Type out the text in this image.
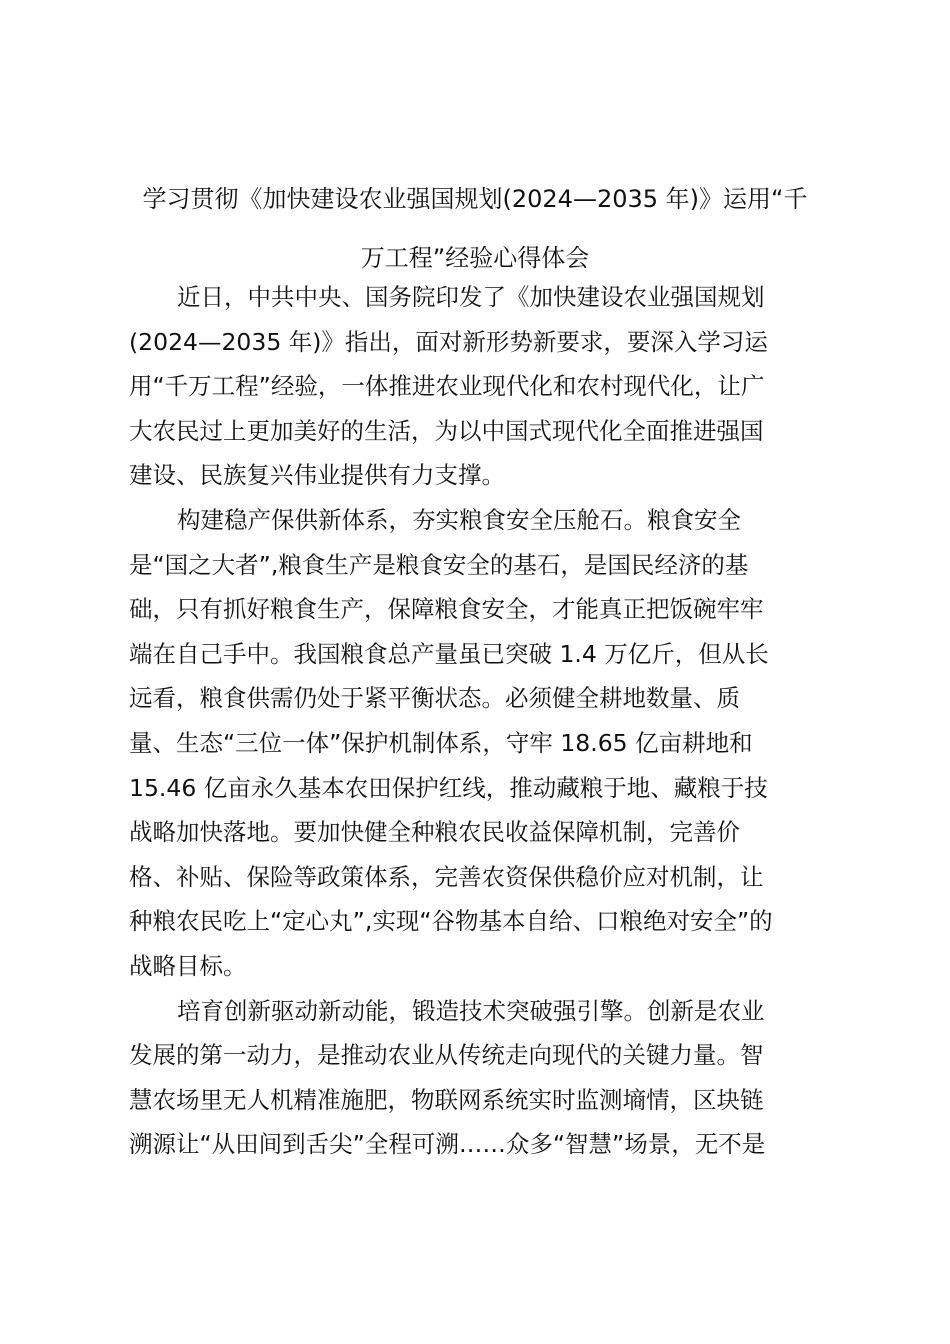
学习贯彻《加快建设农业强国规划(2024—2035 年)》运用“千
万工程”经验心得体会
近日，中共中央、国务院印发了《加快建设农业强国规划
(2024—2035 年)》指出，面对新形势新要求，要深入学习运
用“千万工程”经验，一体推进农业现代化和农村现代化，让广
大农民过上更加美好的生活，为以中国式现代化全面推进强国
建设、民族复兴伟业提供有力支撑。
构建稳产保供新体系，夯实粮食安全压舱石。粮食安全
是“国之大者”,粮食生产是粮食安全的基石，是国民经济的基
础，只有抓好粮食生产，保障粮食安全，才能真正把饭碗牢牢
端在自己手中。我国粮食总产量虽已突破 1.4 万亿斤，但从长
远看，粮食供需仍处于紧平衡状态。必须健全耕地数量、质
量、生态“三位一体”保护机制体系，守牢 18.65 亿亩耕地和
15.46 亿亩永久基本农田保护红线，推动藏粮于地、藏粮于技
战略加快落地。要加快健全种粮农民收益保障机制，完善价
格、补贴、保险等政策体系，完善农资保供稳价应对机制，让
种粮农民吃上“定心丸”,实现“谷物基本自给、口粮绝对安全”的
战略目标。
培育创新驱动新动能，锻造技术突破强引擎。创新是农业
发展的第一动力，是推动农业从传统走向现代的关键力量。智
慧农场里无人机精准施肥，物联网系统实时监测墒情，区块链
溯源让“从田间到舌尖”全程可溯……众多“智慧”场景，无不是
